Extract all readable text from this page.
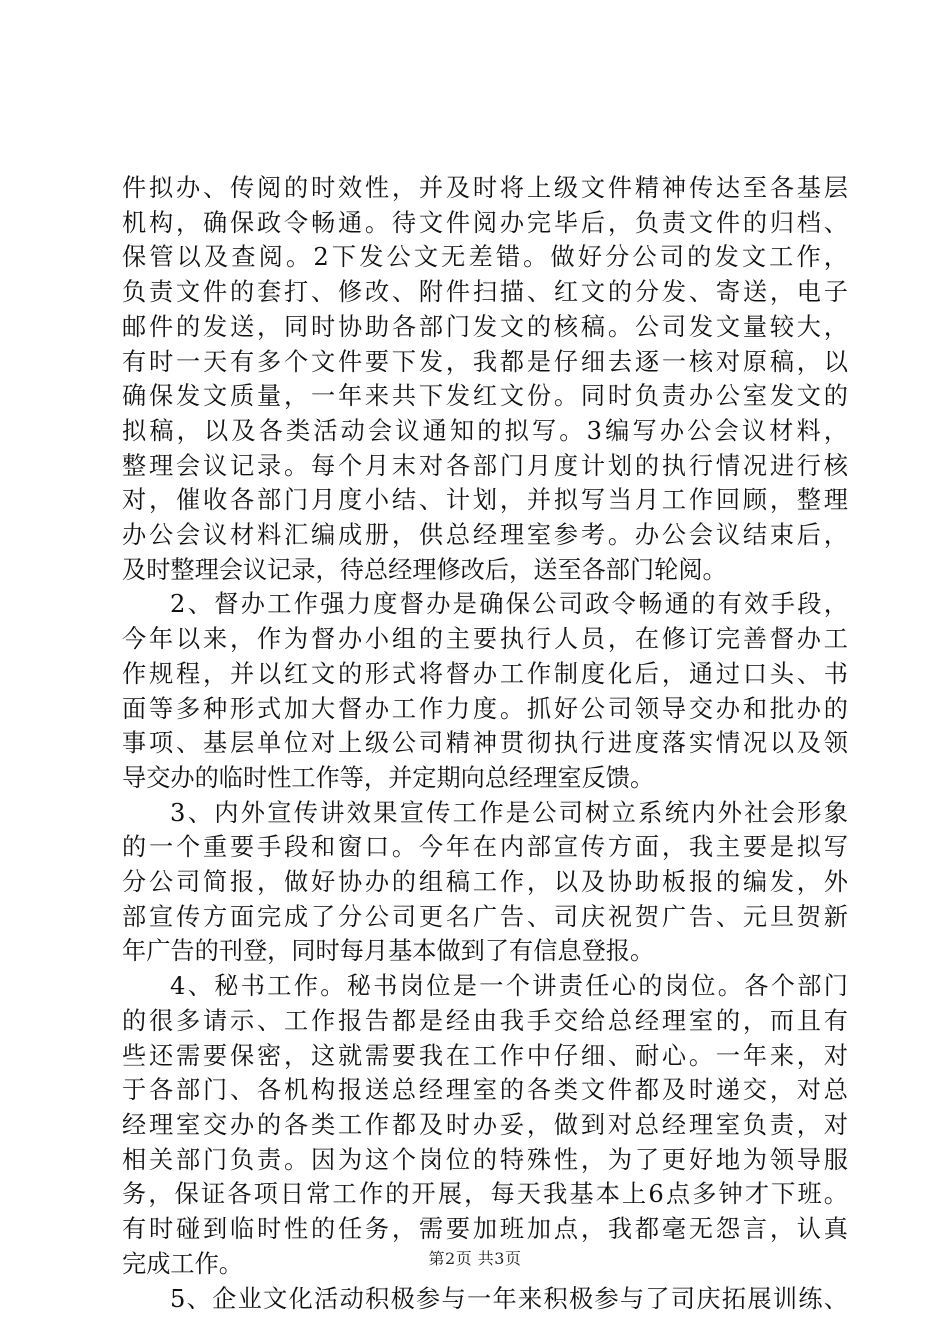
件拟办、传阅的时效性，并及时将上级文件精神传达至各基层
机构，确保政令畅通。待文件阅办完毕后，负责文件的归档、
保管以及查阅。2下发公文无差错。做好分公司的发文工作，
负责文件的套打、修改、附件扫描、红文的分发、寄送，电子
邮件的发送，同时协助各部门发文的核稿。公司发文量较大，
有时一天有多个文件要下发，我都是仔细去逐一核对原稿，以
确保发文质量，一年来共下发红文份。同时负责办公室发文的
拟稿，以及各类活动会议通知的拟写。3编写办公会议材料，
整理会议记录。每个月末对各部门月度计划的执行情况进行核
对，催收各部门月度小结、计划，并拟写当月工作回顾，整理
办公会议材料汇编成册，供总经理室参考。办公会议结束后，
及时整理会议记录，待总经理修改后，送至各部门轮阅。
2、督办工作强力度督办是确保公司政令畅通的有效手段，
今年以来，作为督办小组的主要执行人员，在修订完善督办工
作规程，并以红文的形式将督办工作制度化后，通过口头、书
面等多种形式加大督办工作力度。抓好公司领导交办和批办的
事项、基层单位对上级公司精神贯彻执行进度落实情况以及领
导交办的临时性工作等，并定期向总经理室反馈。
3、内外宣传讲效果宣传工作是公司树立系统内外社会形象
的一个重要手段和窗口。今年在内部宣传方面，我主要是拟写
分公司简报，做好协办的组稿工作，以及协助板报的编发，外
部宣传方面完成了分公司更名广告、司庆祝贺广告、元旦贺新
年广告的刊登，同时每月基本做到了有信息登报。
4、秘书工作。秘书岗位是一个讲责任心的岗位。各个部门
的很多请示、工作报告都是经由我手交给总经理室的，而且有
些还需要保密，这就需要我在工作中仔细、耐心。一年来，对
于各部门、各机构报送总经理室的各类文件都及时递交，对总
经理室交办的各类工作都及时办妥，做到对总经理室负责，对
相关部门负责。因为这个岗位的特殊性，为了更好地为领导服
务，保证各项日常工作的开展，每天我基本上6点多钟才下班。
有时碰到临时性的任务，需要加班加点，我都毫无怨言，认真
完成工作。
5、企业文化活动积极参与一年来积极参与了司庆拓展训练、
第2页 共3页
